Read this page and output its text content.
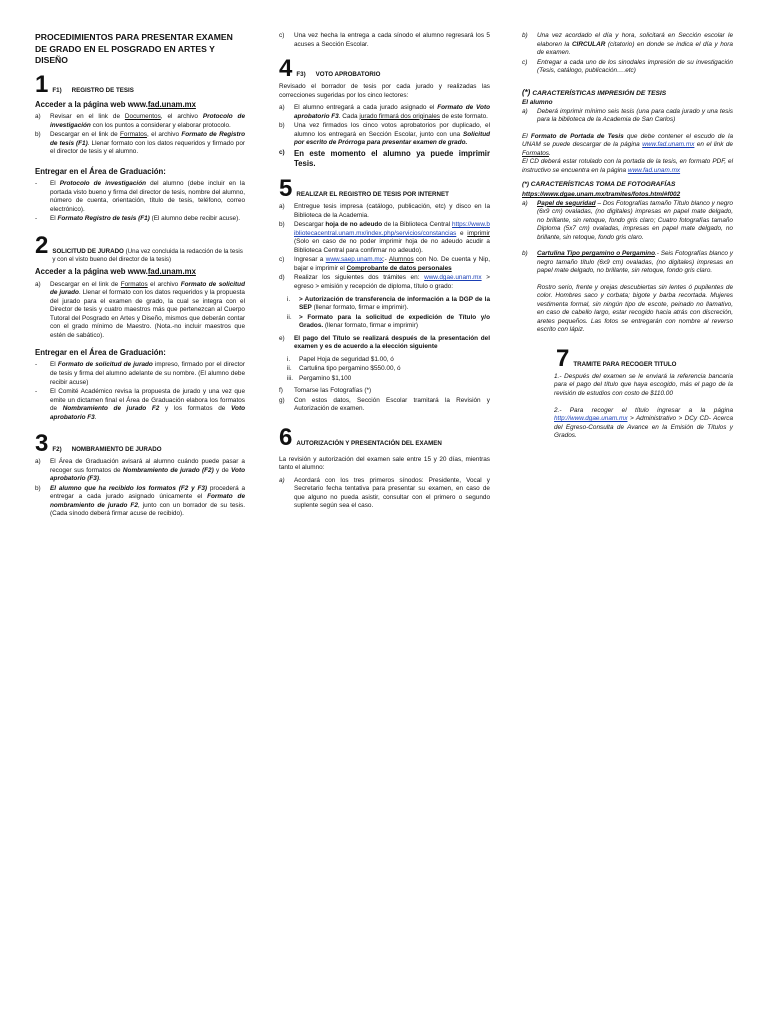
PROCEDIMIENTOS PARA PRESENTAR EXAMEN DE GRADO EN EL POSGRADO EN ARTES Y DISEÑO
1 F1) REGISTRO DE TESIS
Acceder a la página web www.fad.unam.mx
a)	Revisar en el link de Documentos, el archivo Protocolo de investigación con los puntos a considerar y elaborar protocolo.
b)	Descargar en el link de Formatos, el archivo Formato de Registro de tesis (F1). Llenar formato con los datos requeridos y firmado por el director de tesis y el alumno.
Entregar en el Área de Graduación:
-	El Protocolo de investigación del alumno (debe incluir en la portada visto bueno y firma del director de tesis, nombre del alumno, número de cuenta, orientación, título de tesis, teléfono, correo electrónico).
-	El Formato Registro de tesis (F1) (El alumno debe recibir acuse).
2 SOLICITUD DE JURADO (Una vez concluida la redacción de la tesis y con el visto bueno del director de la tesis)
Acceder a la página web www.fad.unam.mx
a)	Descargar en el link de Formatos el archivo Formato de solicitud de jurado. Llenar el formato con los datos requeridos y la propuesta del jurado para el examen de grado, la cual se integra con el Director de tesis y cuatro maestros más que pertenezcan al Cuerpo Tutoral del Posgrado en Artes y Diseño, mismos que deberán contar con el grado mínimo de Maestro. (Nota.-no incluir maestros que estén de sabático).
Entregar en el Área de Graduación:
-	El Formato de solicitud de jurado impreso, firmado por el director de tesis y firma del alumno adelante de su nombre. (El alumno debe recibir acuse)
-	El Comité Académico revisa la propuesta de jurado y una vez que emite un dictamen final el Área de Graduación elabora los formatos de Nombramiento de jurado F2 y los formatos de Voto aprobatorio F3.
3 F2) NOMBRAMIENTO DE JURADO
a)	El Área de Graduación avisará al alumno cuándo puede pasar a recoger sus formatos de Nombramiento de jurado (F2) y de Voto aprobatorio (F3).
b)	El alumno que ha recibido los formatos (F2 y F3) procederá a entregar a cada jurado asignado únicamente el Formato de nombramiento de jurado F2, junto con un borrador de su tesis. (Cada sínodo deberá firmar acuse de recibido).
c)	Una vez hecha la entrega a cada sínodo el alumno regresará los 5 acuses a Sección Escolar.
4 F3) VOTO APROBATORIO

Revisado el borrador de tesis por cada jurado y realizadas las correcciones sugeridas por los cinco lectores:

a)	El alumno entregará a cada jurado asignado el Formato de Voto aprobatorio F3. Cada jurado firmará dos originales de este formato.
b)	Una vez firmados los cinco votos aprobatorios por duplicado, el alumno los entregará en Sección Escolar, junto con una Solicitud por escrito de Prórroga para presentar examen de grado.
c)	En este momento el alumno ya puede imprimir Tesis.
5 REALIZAR EL REGISTRO DE TESIS POR INTERNET
a)	Entregue tesis impresa (catálogo, publicación, etc) y disco en la Biblioteca de la Academia.
b)	Descargar hoja de no adeudo de la Biblioteca Central https://www.bibliotecacentral.unam.mx/index.php/servicios/constancias e imprimir (Solo en caso de no poder imprimir hoja de no adeudo acudir a Biblioteca Central para confirmar no adeudo).
c)	Ingresar a www.saep.unam.mx;- Alumnos con No. De cuenta y Nip, bajar e imprimir el Comprobante de datos personales
d)	Realizar los siguientes dos trámites en: www.dgae.unam.mx > egreso > emisión y recepción de diploma, título o grado:
i.	> Autorización de transferencia de información a la DGP de la SEP (llenar formato, firmar e imprimir).
ii.	> Formato para la solicitud de expedición de Título y/o Grados. (llenar formato, firmar e imprimir)
e)	El pago del Título se realizará después de la presentación del examen y es de acuerdo a la elección siguiente
i.	Papel Hoja de seguridad $1.00, ó
ii.	Cartulina tipo pergamino $550.00, ó
iii. Pergamino $1,100
f)	Tomarse las Fotografías (*)
g)	Con estos datos, Sección Escolar tramitará la Revisión y Autorización de examen.
6 AUTORIZACIÓN Y PRESENTACIÓN DEL EXAMEN

La revisión y autorización del examen sale entre 15 y 20 días, mientras tanto el alumno:

a)	Acordará con los tres primeros sínodos: Presidente, Vocal y Secretario fecha tentativa para presentar su examen, en caso de que alguno no pueda asistir, consultar con el primero o segundo suplente según sea el caso.
b)	Una vez acordado el día y hora, solicitará en Sección escolar le elaboren la CIRCULAR (citatorio) en donde se indica el día y hora de examen.
c)	Entregar a cada uno de los sinodales impresión de su investigación (Tesis, catálogo, publicación….etc)
(*) CARACTERÍSTICAS IMPRESIÓN DE TESIS
El alumno
a)	Deberá imprimir mínimo seis tesis (una para cada jurado y una tesis para la biblioteca de la Academia de San Carlos)

El Formato de Portada de Tesis que debe contener el escudo de la UNAM se puede descargar de la página www.fad.unam.mx en el link de Formatos.
El CD deberá estar rotulado con la portada de la tesis, en formato PDF, el instructivo se encuentra en la página www.fad.unam.mx

(*) CARACTERÍSTICAS TOMA DE FOTOGRAFÍAS
https://www.dgae.unam.mx/tramites/fotos.html#f002
a)	Papel de seguridad – Dos Fotografías tamaño Título blanco y negro (6x9 cm) ovaladas, (no digitales) impresas en papel mate delgado, no brillante, sin retoque, fondo gris claro; Cuatro fotografías tamaño Diploma (5x7 cm) ovaladas, impresas en papel mate delgado, no brillante, sin retoque, fondo gris claro.
b)	Cartulina Tipo pergamino o Pergamino.- Seis Fotografías blanco y negro tamaño título (6x9 cm) ovaladas, (no digitales) impresas en papel mate delgado, no brillante, sin retoque, fondo gris claro.

Rostro serio, frente y orejas descubiertas sin lentes ó pupilentes de color. Hombres saco y corbata; bigote y barba recortada. Mujeres vestimenta formal, sin ningún tipo de escote, peinado no llamativo, en caso de cabello largo, estar recogido hacia atrás con discreción, aretes pequeños. Las fotos se entregarán con nombre al reverso escrito con lápiz.

7 TRAMITE PARA RECOGER TITULO

1.- Después del examen se le enviará la referencia bancaria para el pago del título que haya escogido, más el pago de la revisión de estudios con costo de $110.00

2.- Para recoger el título ingresar a la página http://www.dgae.unam.mx > Administrativo > DCy CD- Acerca del Egreso-Consulta de Avance en la Emisión de Títulos y Grados.
